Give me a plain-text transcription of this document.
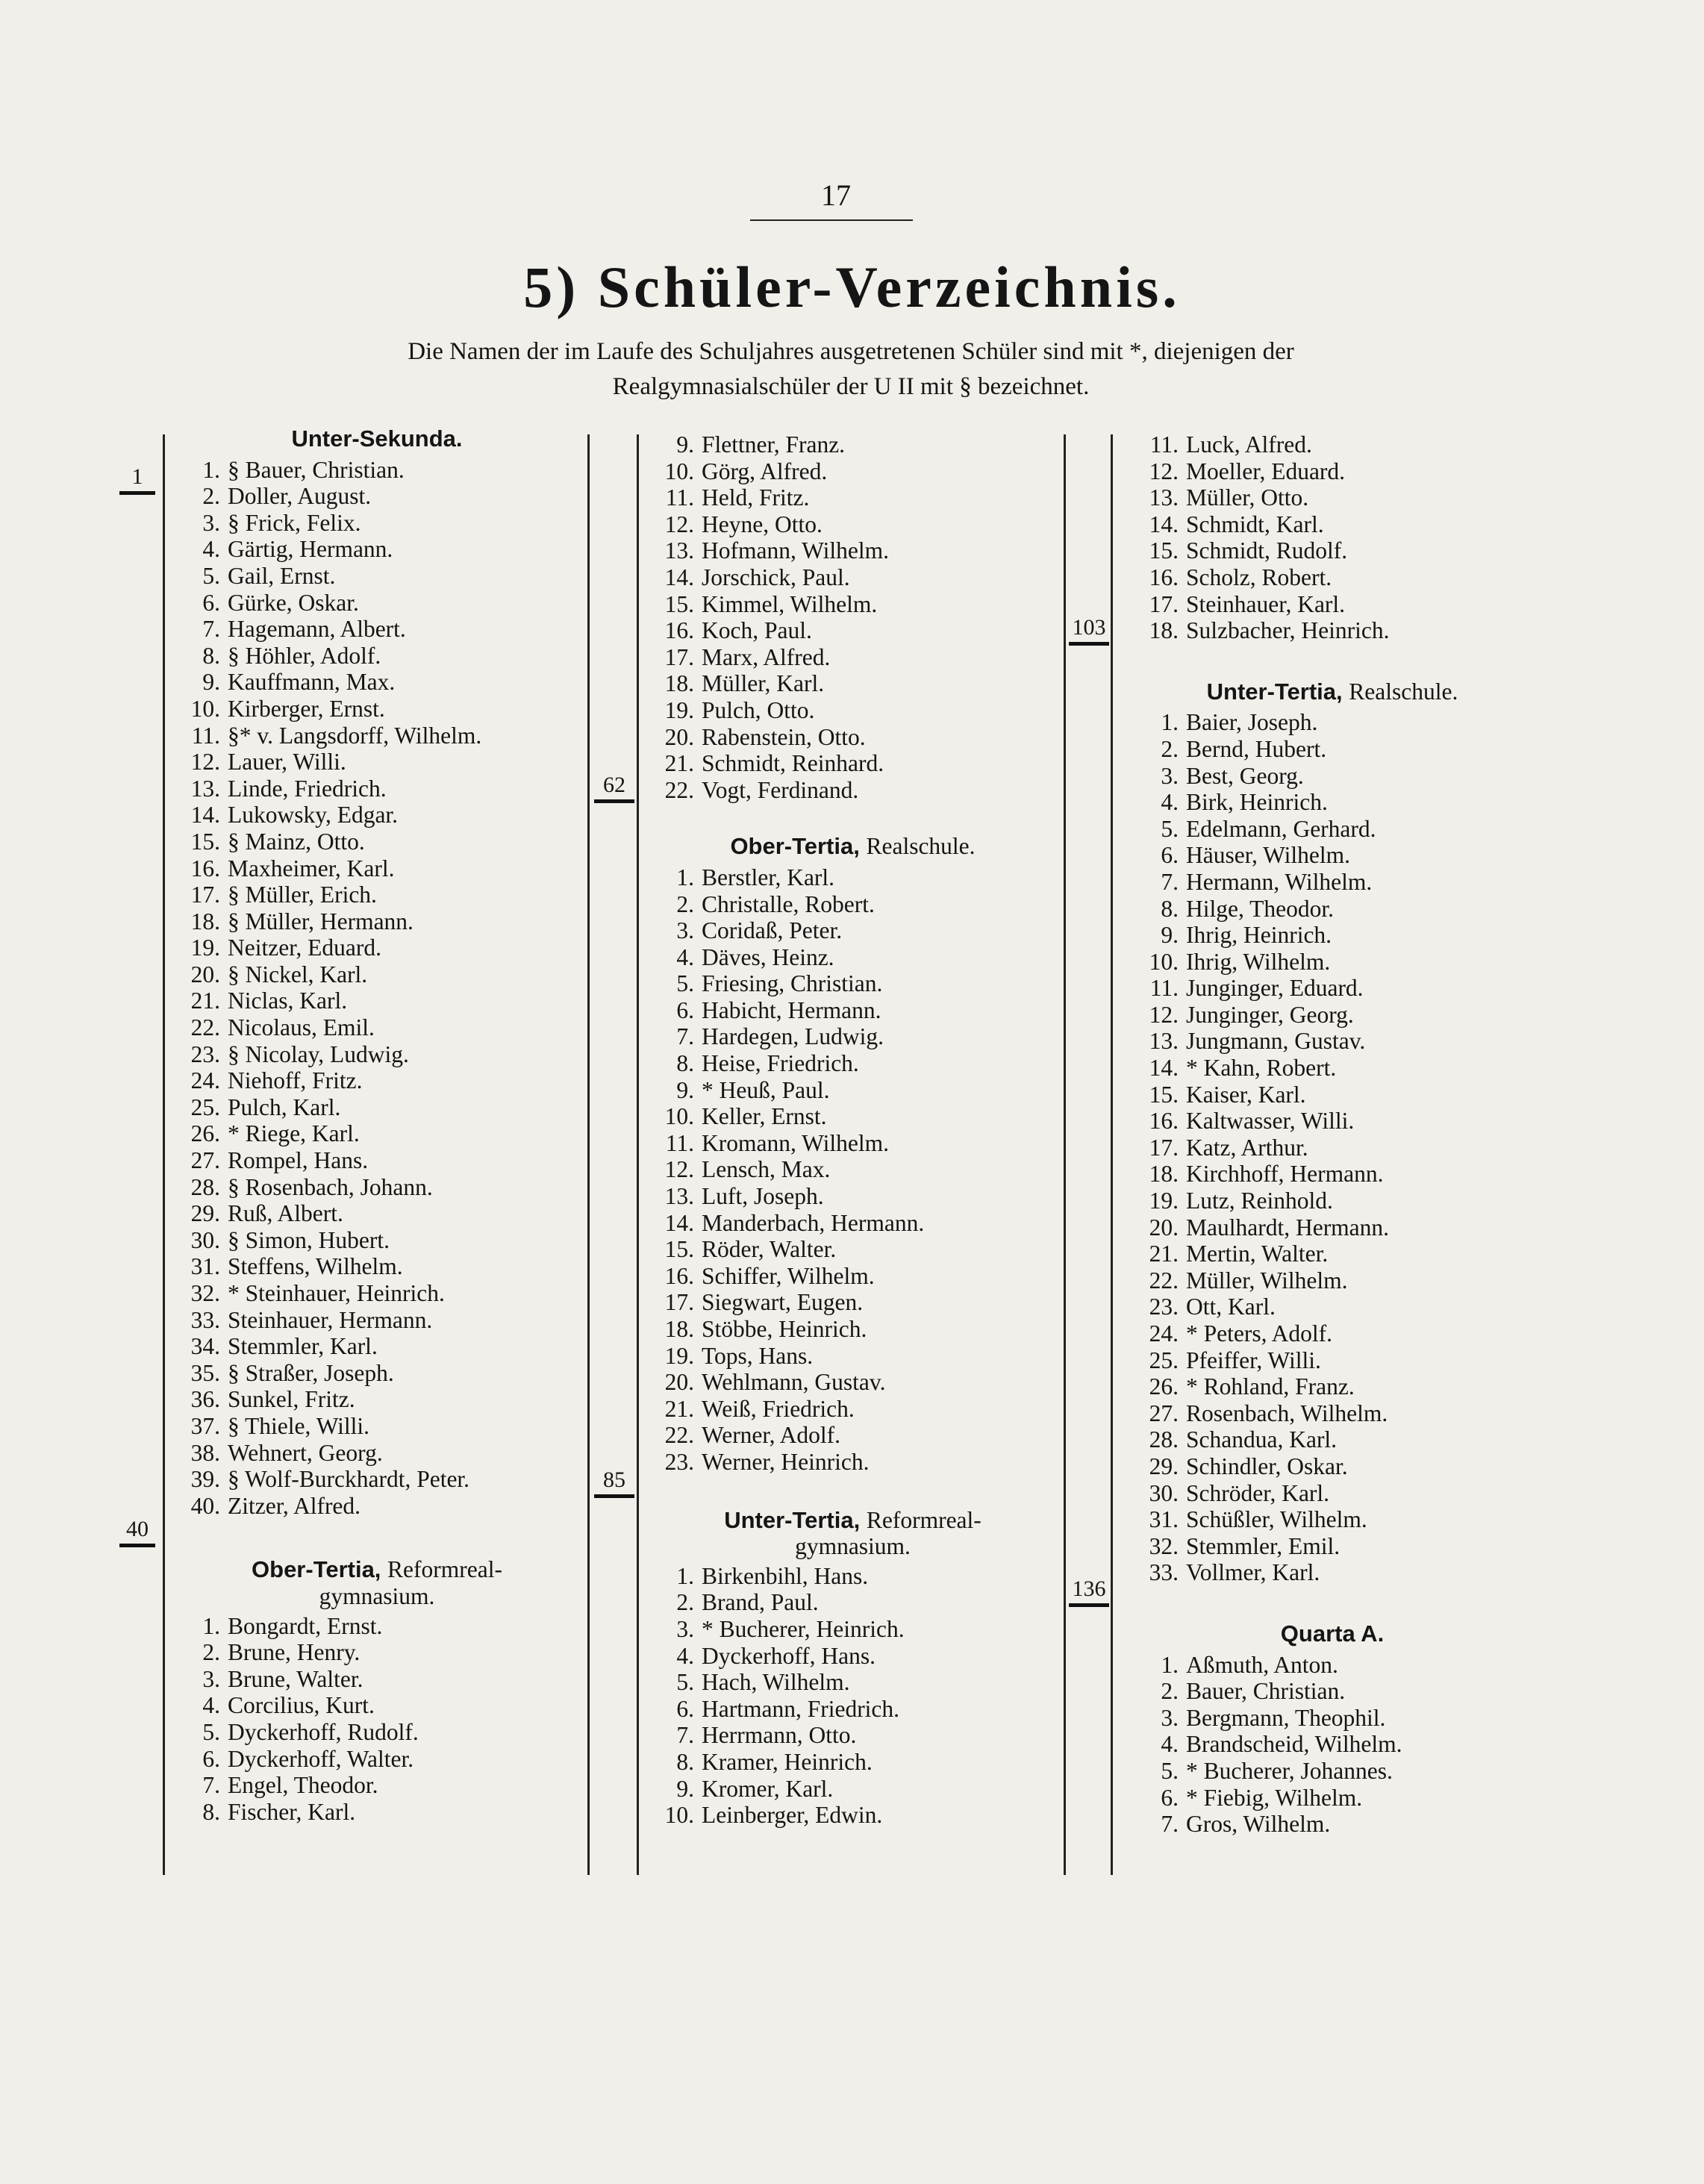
17
5) Schüler-Verzeichnis.
Die Namen der im Laufe des Schuljahres ausgetretenen Schüler sind mit *, diejenigen der
Realgymnasialschüler der U II mit § bezeichnet.
1
40
62
85
103
136
Unter-Sekunda.
1. § Bauer, Christian.
2. Doller, August.
3. § Frick, Felix.
4. Gärtig, Hermann.
5. Gail, Ernst.
6. Gürke, Oskar.
7. Hagemann, Albert.
8. § Höhler, Adolf.
9. Kauffmann, Max.
10. Kirberger, Ernst.
11. §* v. Langsdorff, Wilhelm.
12. Lauer, Willi.
13. Linde, Friedrich.
14. Lukowsky, Edgar.
15. § Mainz, Otto.
16. Maxheimer, Karl.
17. § Müller, Erich.
18. § Müller, Hermann.
19. Neitzer, Eduard.
20. § Nickel, Karl.
21. Niclas, Karl.
22. Nicolaus, Emil.
23. § Nicolay, Ludwig.
24. Niehoff, Fritz.
25. Pulch, Karl.
26. * Riege, Karl.
27. Rompel, Hans.
28. § Rosenbach, Johann.
29. Ruß, Albert.
30. § Simon, Hubert.
31. Steffens, Wilhelm.
32. * Steinhauer, Heinrich.
33. Steinhauer, Hermann.
34. Stemmler, Karl.
35. § Straßer, Joseph.
36. Sunkel, Fritz.
37. § Thiele, Willi.
38. Wehnert, Georg.
39. § Wolf-Burckhardt, Peter.
40. Zitzer, Alfred.
Ober-Tertia, Reformreal-
gymnasium.
1. Bongardt, Ernst.
2. Brune, Henry.
3. Brune, Walter.
4. Corcilius, Kurt.
5. Dyckerhoff, Rudolf.
6. Dyckerhoff, Walter.
7. Engel, Theodor.
8. Fischer, Karl.
9. Flettner, Franz.
10. Görg, Alfred.
11. Held, Fritz.
12. Heyne, Otto.
13. Hofmann, Wilhelm.
14. Jorschick, Paul.
15. Kimmel, Wilhelm.
16. Koch, Paul.
17. Marx, Alfred.
18. Müller, Karl.
19. Pulch, Otto.
20. Rabenstein, Otto.
21. Schmidt, Reinhard.
22. Vogt, Ferdinand.
Ober-Tertia, Realschule.
1. Berstler, Karl.
2. Christalle, Robert.
3. Coridaß, Peter.
4. Däves, Heinz.
5. Friesing, Christian.
6. Habicht, Hermann.
7. Hardegen, Ludwig.
8. Heise, Friedrich.
9. * Heuß, Paul.
10. Keller, Ernst.
11. Kromann, Wilhelm.
12. Lensch, Max.
13. Luft, Joseph.
14. Manderbach, Hermann.
15. Röder, Walter.
16. Schiffer, Wilhelm.
17. Siegwart, Eugen.
18. Stöbbe, Heinrich.
19. Tops, Hans.
20. Wehlmann, Gustav.
21. Weiß, Friedrich.
22. Werner, Adolf.
23. Werner, Heinrich.
Unter-Tertia, Reformreal-
gymnasium.
1. Birkenbihl, Hans.
2. Brand, Paul.
3. * Bucherer, Heinrich.
4. Dyckerhoff, Hans.
5. Hach, Wilhelm.
6. Hartmann, Friedrich.
7. Herrmann, Otto.
8. Kramer, Heinrich.
9. Kromer, Karl.
10. Leinberger, Edwin.
11. Luck, Alfred.
12. Moeller, Eduard.
13. Müller, Otto.
14. Schmidt, Karl.
15. Schmidt, Rudolf.
16. Scholz, Robert.
17. Steinhauer, Karl.
18. Sulzbacher, Heinrich.
Unter-Tertia, Realschule.
1. Baier, Joseph.
2. Bernd, Hubert.
3. Best, Georg.
4. Birk, Heinrich.
5. Edelmann, Gerhard.
6. Häuser, Wilhelm.
7. Hermann, Wilhelm.
8. Hilge, Theodor.
9. Ihrig, Heinrich.
10. Ihrig, Wilhelm.
11. Junginger, Eduard.
12. Junginger, Georg.
13. Jungmann, Gustav.
14. * Kahn, Robert.
15. Kaiser, Karl.
16. Kaltwasser, Willi.
17. Katz, Arthur.
18. Kirchhoff, Hermann.
19. Lutz, Reinhold.
20. Maulhardt, Hermann.
21. Mertin, Walter.
22. Müller, Wilhelm.
23. Ott, Karl.
24. * Peters, Adolf.
25. Pfeiffer, Willi.
26. * Rohland, Franz.
27. Rosenbach, Wilhelm.
28. Schandua, Karl.
29. Schindler, Oskar.
30. Schröder, Karl.
31. Schüßler, Wilhelm.
32. Stemmler, Emil.
33. Vollmer, Karl.
Quarta A.
1. Aßmuth, Anton.
2. Bauer, Christian.
3. Bergmann, Theophil.
4. Brandscheid, Wilhelm.
5. * Bucherer, Johannes.
6. * Fiebig, Wilhelm.
7. Gros, Wilhelm.
